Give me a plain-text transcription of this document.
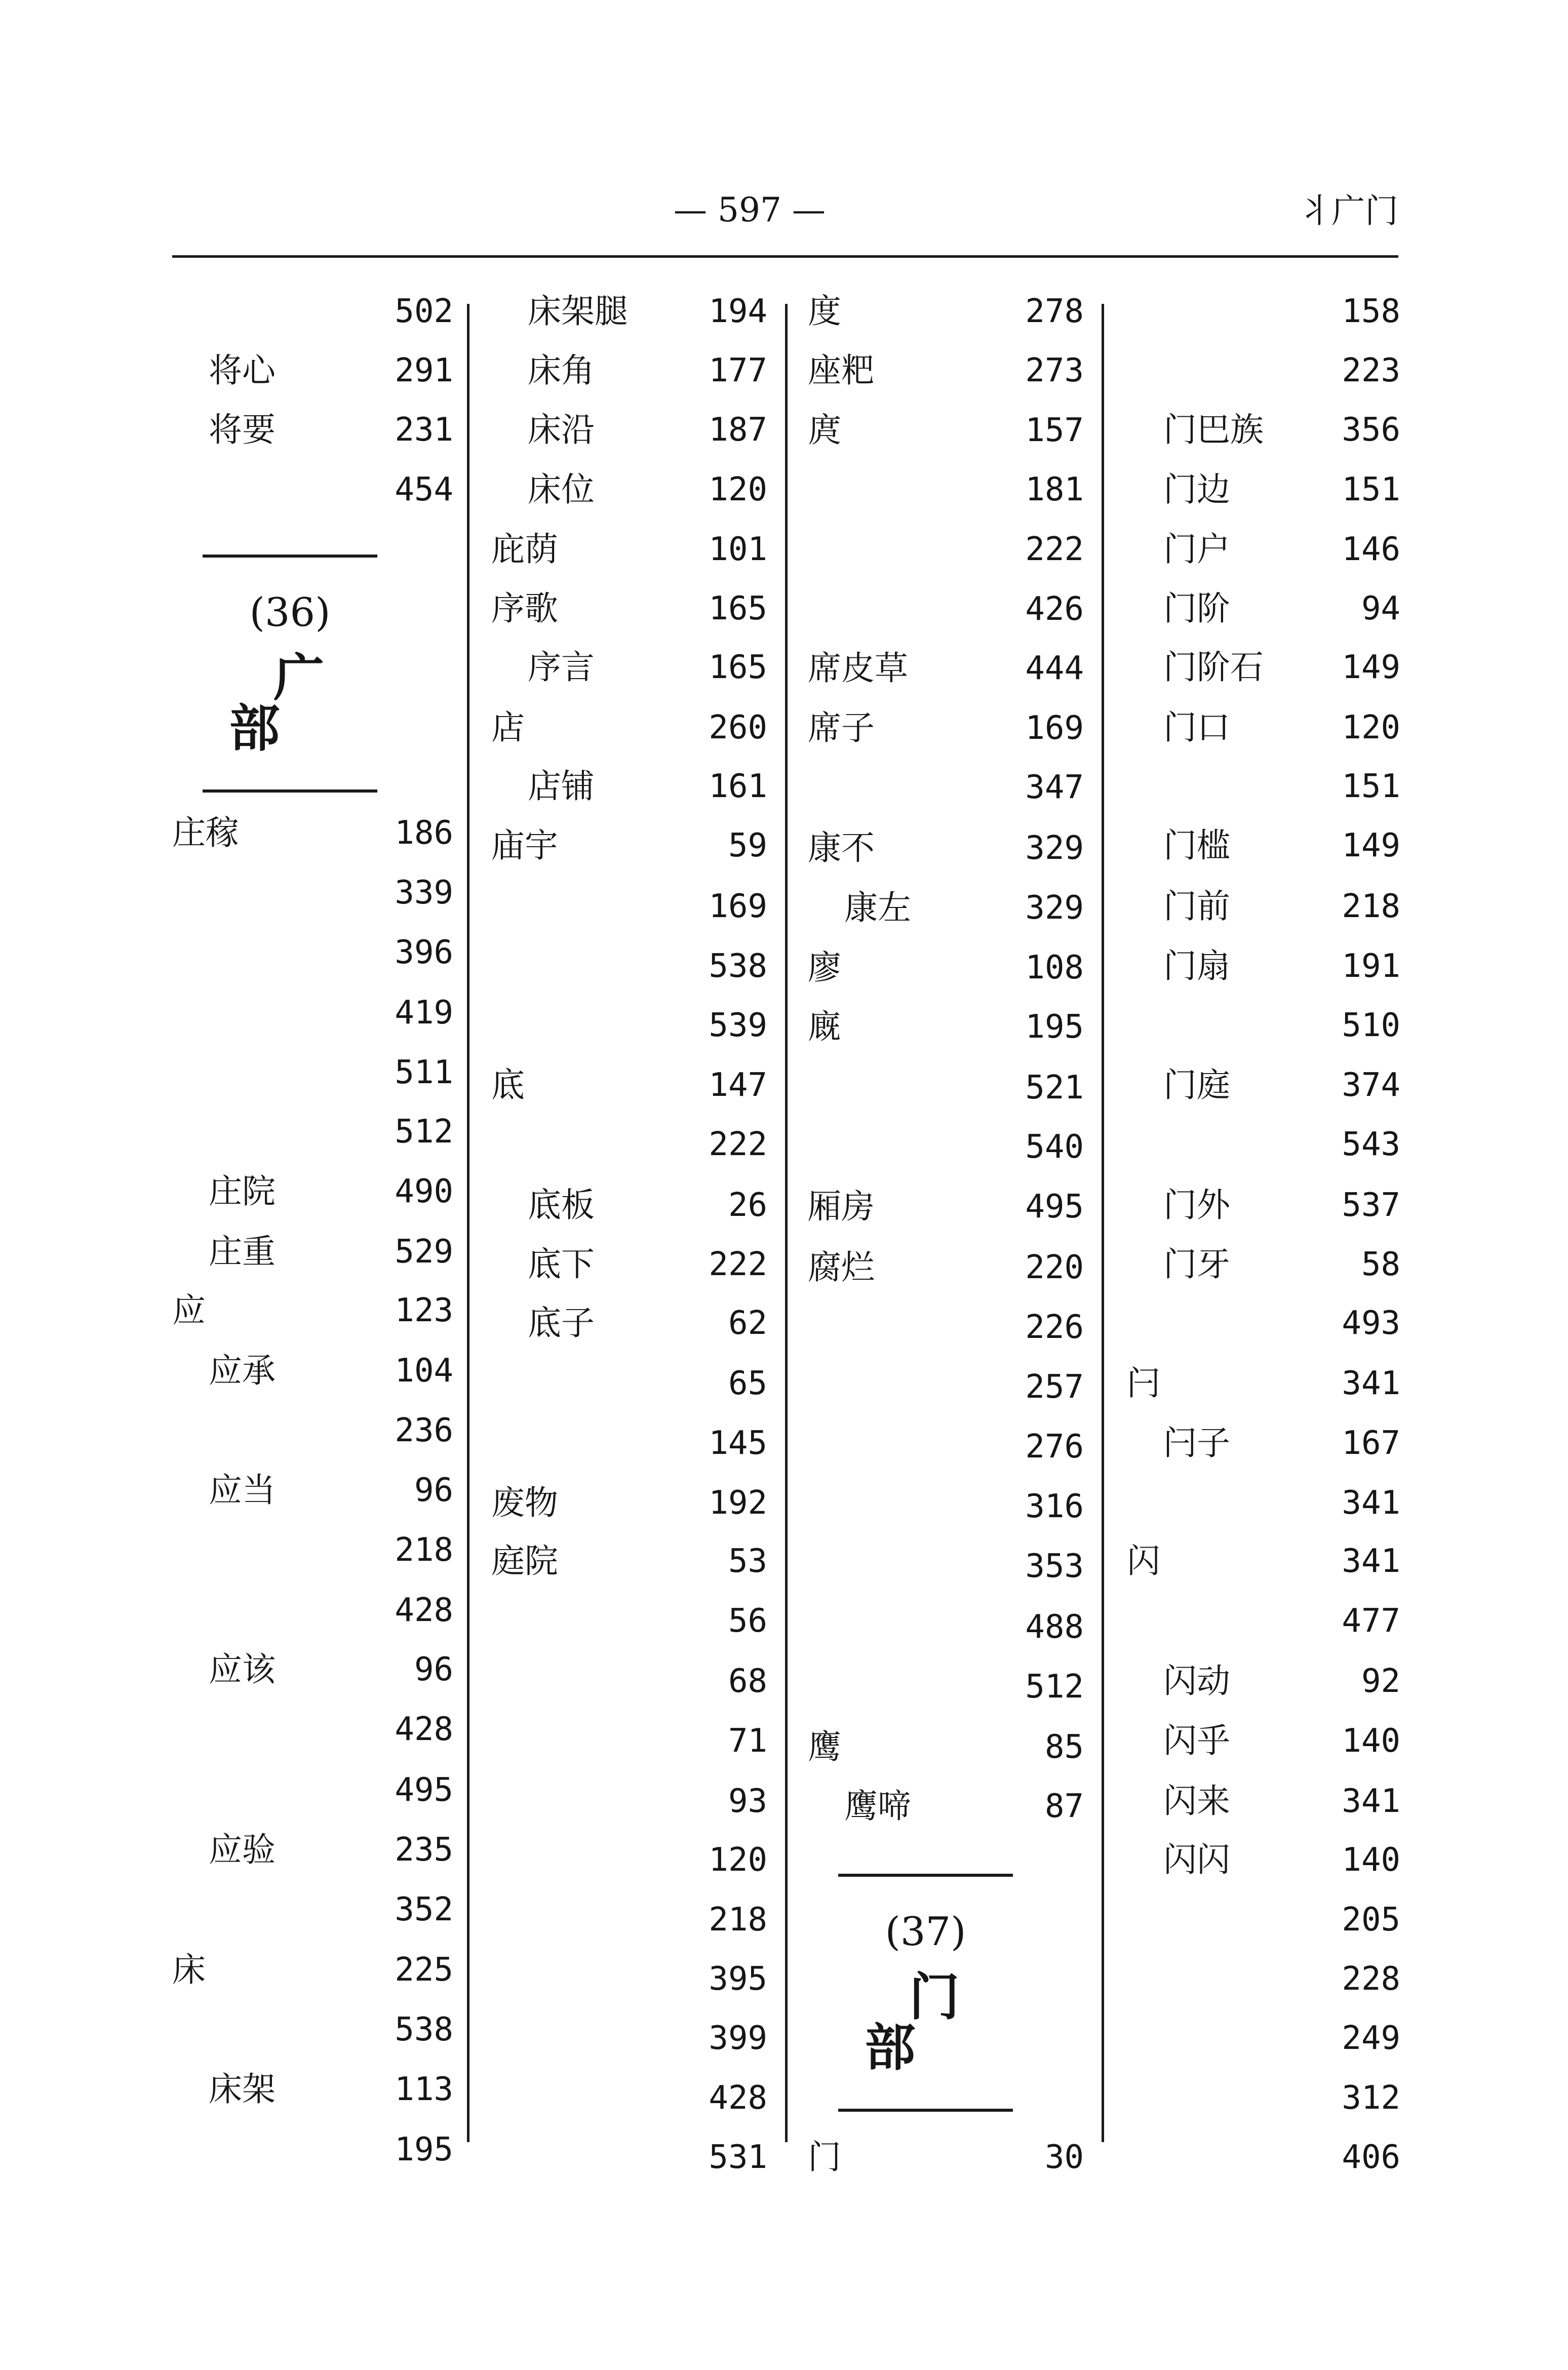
— 597 —	丬广门
502
将心	291
将要	231
454
(36)
广部
庄稼	186
339
396
419
511
512
庄院	490
庄重	529
应	123
应承	104
236
应当	96
218
428
应该	96
428
495
应验	235
352
床	225
538
床架	113
195
床架腿 194
床角	177
床沿	187
床位	120
庇荫	101
序歌	165
序言	165
店	260
店铺	161
庙宇	59
169
538
539
底	147
222
底板	26
底下	222
底子	62
65
145
废物	192
庭院	53
56
68
71
93
120
218
395
399
428
531
度	278
座粑	273
庹	157
181
222
426
席皮草	444
席子	169
347
康不	329
康左	329
廖	108
廐	195
521
540
厢房	495
腐烂	220
226
257
276
316
353
488
512
鹰	85
鹰啼	87
(37)
门部
门	30
158
223
门巴族 356
门边	151
门户	146
门阶	94
门阶石 149
门口	120
151
门槛	149
门前	218
门扇	191
510
门庭	374
543
门外	537
门牙	58
493
闩	341
闩子	167
341
闪	341
477
闪动	92
闪乎	140
闪来	341
闪闪	140
205
228
249
312
406
